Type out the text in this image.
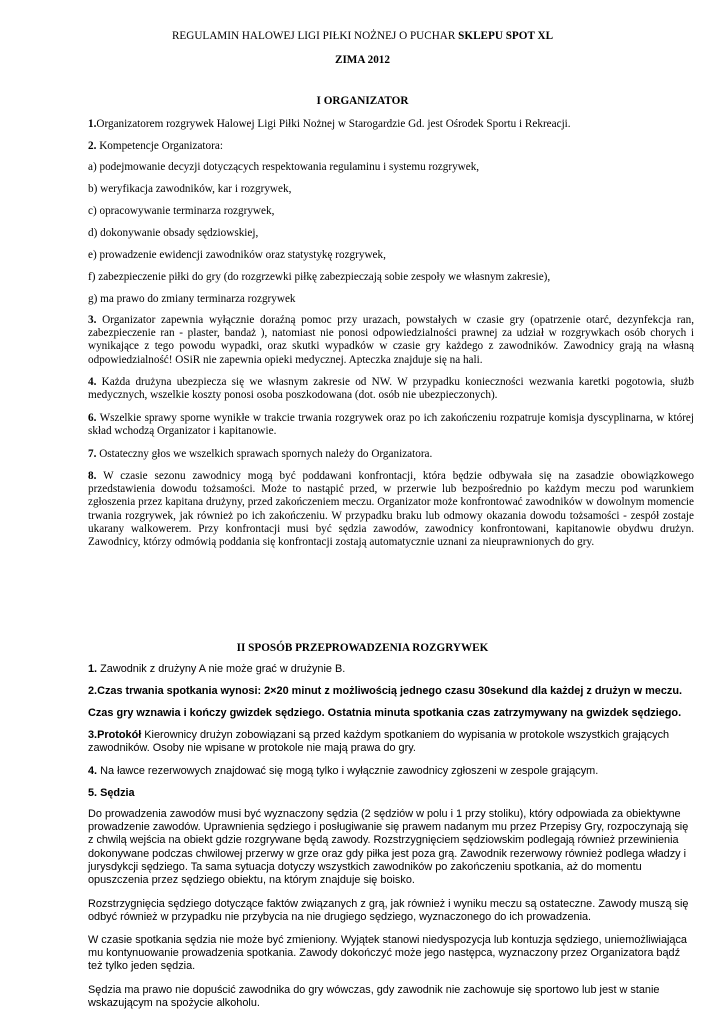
REGULAMIN HALOWEJ LIGI PIŁKI NOŻNEJ O PUCHAR SKLEPU SPOT XL
ZIMA 2012
I ORGANIZATOR

1.Organizatorem rozgrywek Halowej Ligi Piłki Nożnej w Starogardzie Gd. jest Ośrodek Sportu i Rekreacji.

2. Kompetencje Organizatora:

a) podejmowanie decyzji dotyczących respektowania regulaminu i systemu rozgrywek,

b) weryfikacja zawodników, kar i rozgrywek,

c) opracowywanie terminarza rozgrywek,

d) dokonywanie obsady sędziowskiej,

e) prowadzenie ewidencji zawodników oraz statystykę rozgrywek,

f) zabezpieczenie piłki do gry (do rozgrzewki piłkę zabezpieczają sobie zespoły we własnym zakresie),

g) ma prawo do zmiany terminarza rozgrywek

3. Organizator zapewnia wyłącznie doraźną pomoc przy urazach, powstałych w czasie gry (opatrzenie otarć, dezynfekcja ran, zabezpieczenie ran - plaster, bandaż ), natomiast nie ponosi odpowiedzialności prawnej za udział w rozgrywkach osób chorych i wynikające z tego powodu wypadki, oraz skutki wypadków w czasie gry każdego z zawodników. Zawodnicy grają na własną odpowiedzialność! OSiR nie zapewnia opieki medycznej. Apteczka znajduje się na hali.

4. Każda drużyna ubezpiecza się we własnym zakresie od NW. W przypadku konieczności wezwania karetki pogotowia, służb medycznych, wszelkie koszty ponosi osoba poszkodowana (dot. osób nie ubezpieczonych).

6. Wszelkie sprawy sporne wynikłe w trakcie trwania rozgrywek oraz po ich zakończeniu rozpatruje komisja dyscyplinarna, w której skład wchodzą Organizator i kapitanowie.

7. Ostateczny głos we wszelkich sprawach spornych należy do Organizatora.

8. W czasie sezonu zawodnicy mogą być poddawani konfrontacji, która będzie odbywała się na zasadzie obowiązkowego przedstawienia dowodu tożsamości. Może to nastąpić przed, w przerwie lub bezpośrednio po każdym meczu pod warunkiem zgłoszenia przez kapitana drużyny, przed zakończeniem meczu. Organizator może konfrontować zawodników w dowolnym momencie trwania rozgrywek, jak również po ich zakończeniu. W przypadku braku lub odmowy okazania dowodu tożsamości - zespół zostaje ukarany walkowerem. Przy konfrontacji musi być sędzia zawodów, zawodnicy konfrontowani, kapitanowie obydwu drużyn. Zawodnicy, którzy odmówią poddania się konfrontacji zostają automatycznie uznani za nieuprawnionych do gry.

II SPOSÓB PRZEPROWADZENIA ROZGRYWEK

1. Zawodnik z drużyny A nie może grać w drużynie B.

2.Czas trwania spotkania wynosi: 2×20 minut z możliwością jednego czasu 30sekund dla każdej z drużyn w meczu.

Czas gry wznawia i kończy gwizdek sędziego. Ostatnia minuta spotkania czas zatrzymywany na gwizdek sędziego.

3.Protokół Kierownicy drużyn zobowiązani są przed każdym spotkaniem do wypisania w protokole wszystkich grających zawodników. Osoby nie wpisane w protokole nie mają prawa do gry.

4. Na ławce rezerwowych znajdować się mogą tylko i wyłącznie zawodnicy zgłoszeni w zespole grającym.

5. Sędzia

Do prowadzenia zawodów musi być wyznaczony sędzia (2 sędziów w polu i 1 przy stoliku), który odpowiada za obiektywne prowadzenie zawodów. Uprawnienia sędziego i posługiwanie się prawem nadanym mu przez Przepisy Gry, rozpoczynają się z chwilą wejścia na obiekt gdzie rozgrywane będą zawody. Rozstrzygnięciem sędziowskim podlegają również przewinienia dokonywane podczas chwilowej przerwy w grze oraz gdy piłka jest poza grą. Zawodnik rezerwowy również podlega władzy i jurysdykcji sędziego. Ta sama sytuacja dotyczy wszystkich zawodników po zakończeniu spotkania, aż do momentu opuszczenia przez sędziego obiektu, na którym znajduje się boisko.

Rozstrzygnięcia sędziego dotyczące faktów związanych z grą, jak również i wyniku meczu są ostateczne. Zawody muszą się odbyć również w przypadku nie przybycia na nie drugiego sędziego, wyznaczonego do ich prowadzenia.

W czasie spotkania sędzia nie może być zmieniony. Wyjątek stanowi niedyspozycja lub kontuzja sędziego, uniemożliwiająca mu kontynuowanie prowadzenia spotkania. Zawody dokończyć może jego następca, wyznaczony przez Organizatora bądź też tylko jeden sędzia.

Sędzia ma prawo nie dopuścić zawodnika do gry wówczas, gdy zawodnik nie zachowuje się sportowo lub jest w stanie wskazującym na spożycie alkoholu.
